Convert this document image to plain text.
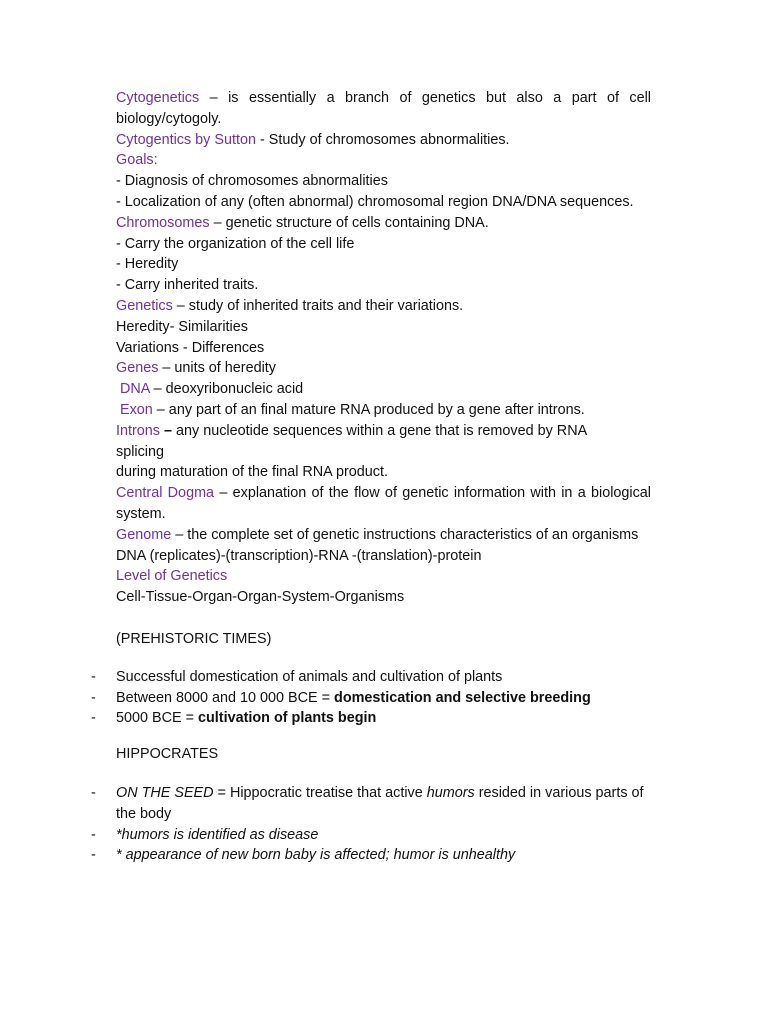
Cytogenetics – is essentially a branch of genetics but also a part of cell biology/cytogoly.

Cytogentics by Sutton - Study of chromosomes abnormalities.

Goals:

- Diagnosis of chromosomes abnormalities

- Localization of any (often abnormal) chromosomal region DNA/DNA sequences.

Chromosomes – genetic structure of cells containing DNA.

- Carry the organization of the cell life

- Heredity

- Carry inherited traits.

Genetics – study of inherited traits and their variations.

Heredity- Similarities

Variations - Differences

Genes – units of heredity

DNA – deoxyribonucleic acid

Exon – any part of an final mature RNA produced by a gene after introns.

Introns – any nucleotide sequences within a gene that is removed by RNA splicing

during maturation of the final RNA product.

Central Dogma – explanation of the flow of genetic information with in a biological system.

Genome – the complete set of genetic instructions characteristics of an organisms

DNA (replicates)-(transcription)-RNA -(translation)-protein

Level of Genetics

Cell-Tissue-Organ-Organ-System-Organisms

(PREHISTORIC TIMES)

- Successful domestication of animals and cultivation of plants

- Between 8000 and 10 000 BCE = domestication and selective breeding

- 5000 BCE = cultivation of plants begin

HIPPOCRATES

- ON THE SEED = Hippocratic treatise that active humors resided in various parts of the body

- *humors is identified as disease

- * appearance of new born baby is affected; humor is unhealthy
